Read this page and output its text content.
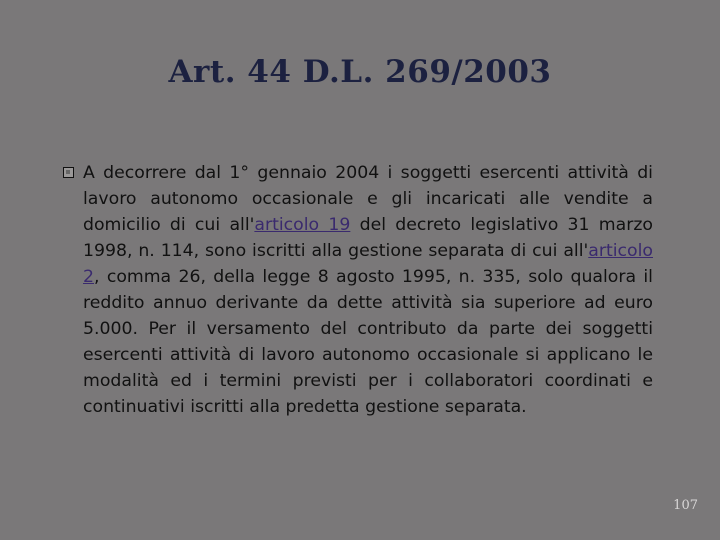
Art. 44 D.L. 269/2003

A decorrere dal 1° gennaio 2004 i soggetti esercenti attività di lavoro autonomo occasionale e gli incaricati alle vendite a domicilio di cui all'articolo 19 del decreto legislativo 31 marzo 1998, n. 114, sono iscritti alla gestione separata di cui all'articolo 2, comma 26, della legge 8 agosto 1995, n. 335, solo qualora il reddito annuo derivante da dette attività sia superiore ad euro 5.000. Per il versamento del contributo da parte dei soggetti esercenti attività di lavoro autonomo occasionale si applicano le modalità ed i termini previsti per i collaboratori coordinati e continuativi iscritti alla predetta gestione separata.

107
